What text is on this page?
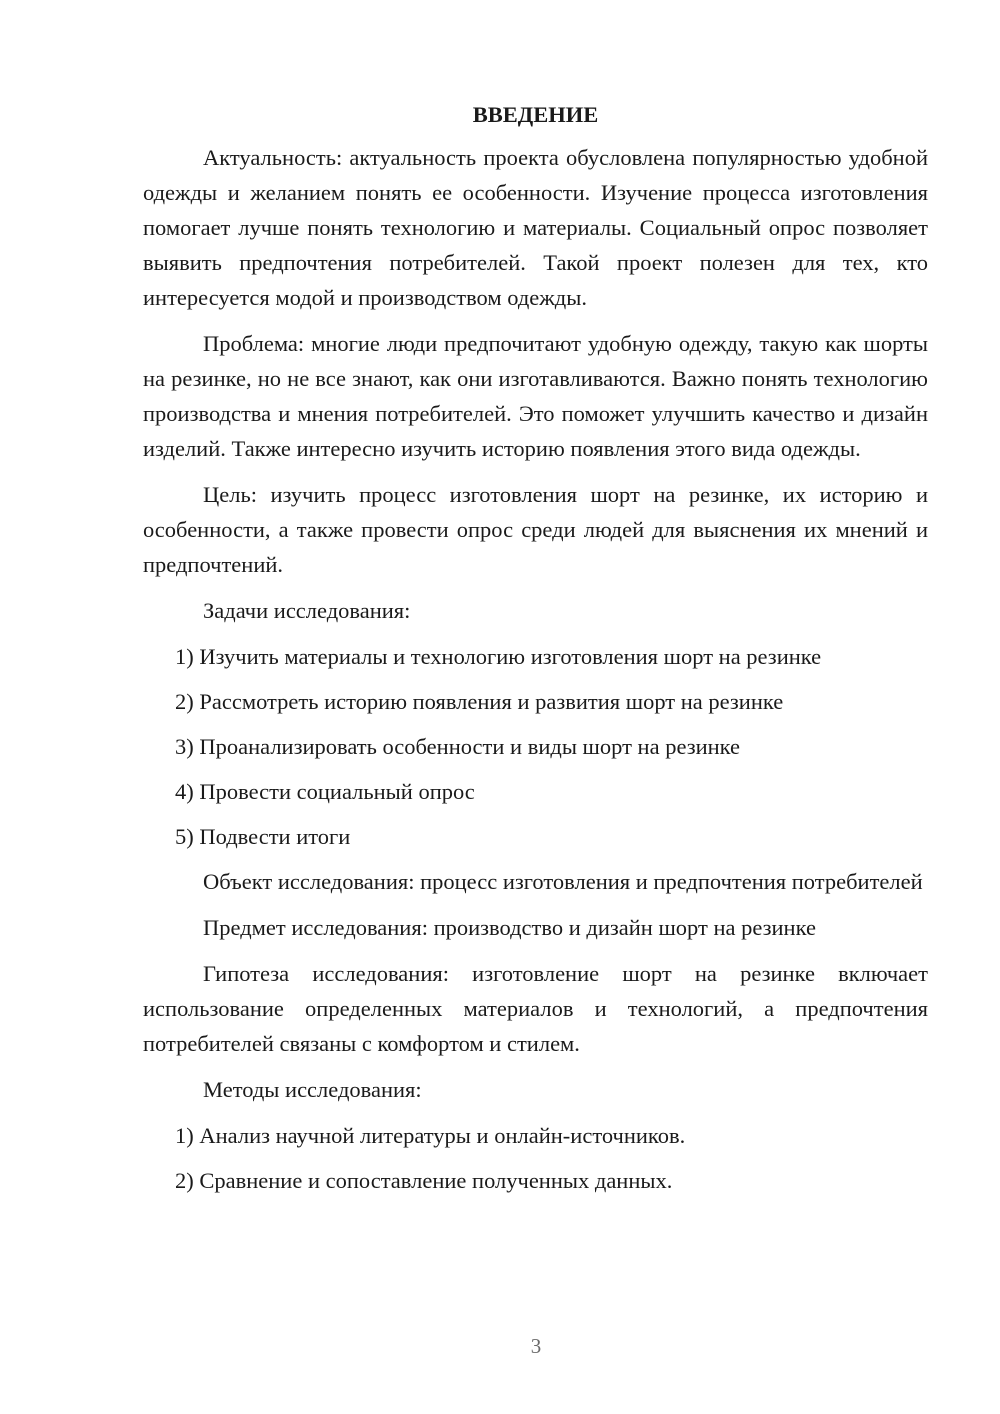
ВВЕДЕНИЕ

Актуальность: актуальность проекта обусловлена популярностью удобной одежды и желанием понять ее особенности. Изучение процесса изготовления помогает лучше понять технологию и материалы. Социальный опрос позволяет выявить предпочтения потребителей. Такой проект полезен для тех, кто интересуется модой и производством одежды.

Проблема: многие люди предпочитают удобную одежду, такую как шорты на резинке, но не все знают, как они изготавливаются. Важно понять технологию производства и мнения потребителей. Это поможет улучшить качество и дизайн изделий. Также интересно изучить историю появления этого вида одежды.

Цель: изучить процесс изготовления шорт на резинке, их историю и особенности, а также провести опрос среди людей для выяснения их мнений и предпочтений.

Задачи исследования:

1) Изучить материалы и технологию изготовления шорт на резинке
2) Рассмотреть историю появления и развития шорт на резинке
3) Проанализировать особенности и виды шорт на резинке
4) Провести социальный опрос
5) Подвести итоги

Объект исследования: процесс изготовления и предпочтения потребителей

Предмет исследования: производство и дизайн шорт на резинке

Гипотеза исследования: изготовление шорт на резинке включает использование определенных материалов и технологий, а предпочтения потребителей связаны с комфортом и стилем.

Методы исследования:

1) Анализ научной литературы и онлайн-источников.
2) Сравнение и сопоставление полученных данных.
3
